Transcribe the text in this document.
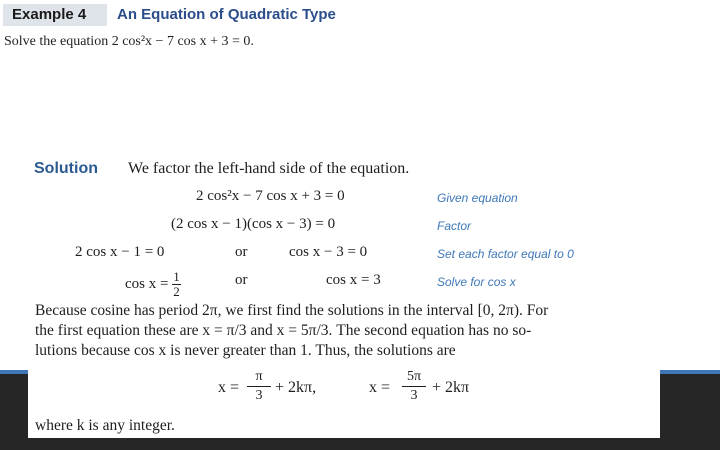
Example 4 An Equation of Quadratic Type
Solve the equation 2 cos²x − 7 cos x + 3 = 0.
Solution We factor the left-hand side of the equation.
2 cos²x − 7 cos x + 3 = 0	Given equation
(2 cos x − 1)(cos x − 3) = 0	Factor
2 cos x − 1 = 0	or	cos x − 3 = 0	Set each factor equal to 0
$\cos x = \frac{1}{2}$	or	cos x = 3	Solve for cos x
Because cosine has period 2π, we first find the solutions in the interval [0, 2π). For
the first equation these are x = π/3 and x = 5π/3. The second equation has no so-
lutions because cos x is never greater than 1. Thus, the solutions are
$x = \frac{\pi}{3} + 2k\pi$,	$x = \frac{5\pi}{3} + 2k\pi$
where k is any integer.
